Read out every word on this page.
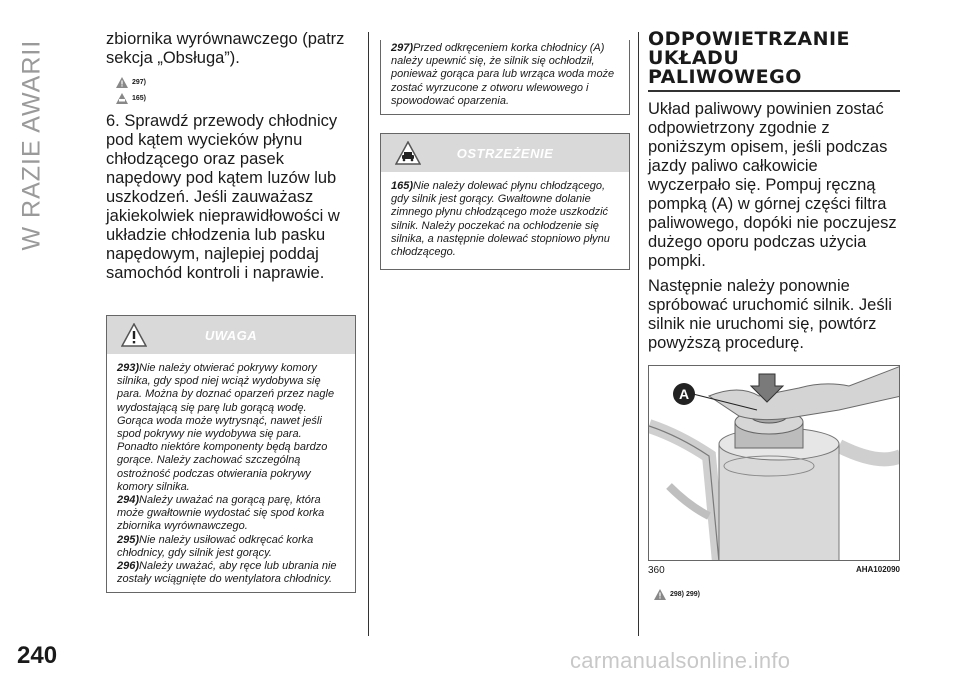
W RAZIE AWARII
240
zbiornika wyrównawczego (patrz sekcja „Obsługa”).
297)
165)
6. Sprawdź przewody chłodnicy pod kątem wycieków płynu chłodzącego oraz pasek napędowy pod kątem luzów lub uszkodzeń. Jeśli zauważasz jakiekolwiek nieprawidłowości w układzie chłodzenia lub pasku napędowym, najlepiej poddaj samochód kontroli i naprawie.
UWAGA

293)Nie należy otwierać pokrywy komory silnika, gdy spod niej wciąż wydobywa się para. Można by doznać oparzeń przez nagle wydostającą się parę lub gorącą wodę. Gorąca woda może wytrysnąć, nawet jeśli spod pokrywy nie wydobywa się para. Ponadto niektóre komponenty będą bardzo gorące. Należy zachować szczególną ostrożność podczas otwierania pokrywy komory silnika.

294)Należy uważać na gorącą parę, która może gwałtownie wydostać się spod korka zbiornika wyrównawczego.

295)Nie należy usiłować odkręcać korka chłodnicy, gdy silnik jest gorący.

296)Należy uważać, aby ręce lub ubrania nie zostały wciągnięte do wentylatora chłodnicy.

297)Przed odkręceniem korka chłodnicy (A) należy upewnić się, że silnik się ochłodził, ponieważ gorąca para lub wrząca woda może zostać wyrzucone z otworu wlewowego i spowodować oparzenia.

OSTRZEŻENIE

165)Nie należy dolewać płynu chłodzącego, gdy silnik jest gorący. Gwałtowne dolanie zimnego płynu chłodzącego może uszkodzić silnik. Należy poczekać na ochłodzenie się silnika, a następnie dolewać stopniowo płynu chłodzącego.

ODPOWIETRZANIE
UKŁADU
PALIWOWEGO
Układ paliwowy powinien zostać odpowietrzony zgodnie z poniższym opisem, jeśli podczas jazdy paliwo całkowicie wyczerpało się. Pompuj ręczną pompką (A) w górnej części filtra paliwowego, dopóki nie poczujesz dużego oporu podczas użycia pompki.
Następnie należy ponownie spróbować uruchomić silnik. Jeśli silnik nie uruchomi się, powtórz powyższą procedurę.
A
360	AHA102090
298) 299)
carmanualsonline.info
